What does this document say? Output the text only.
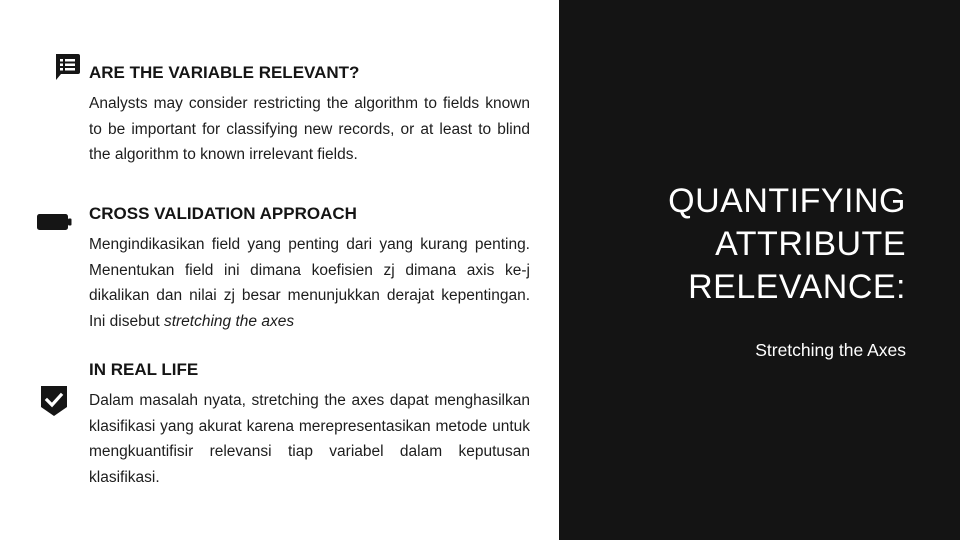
ARE THE VARIABLE RELEVANT?

Analysts may consider restricting the algorithm to fields known to be important for classifying new records, or at least to blind the algorithm to known irrelevant fields.

CROSS VALIDATION APPROACH

Mengindikasikan field yang penting dari yang kurang penting. Menentukan field ini dimana koefisien zj dimana axis ke-j dikalikan dan nilai zj besar menunjukkan derajat kepentingan. Ini disebut stretching the axes

IN REAL LIFE

Dalam masalah nyata, stretching the axes dapat menghasilkan klasifikasi yang akurat karena merepresentasikan metode untuk mengkuantifisir relevansi tiap variabel dalam keputusan klasifikasi.

QUANTIFYING
ATTRIBUTE
RELEVANCE:
Stretching the Axes
